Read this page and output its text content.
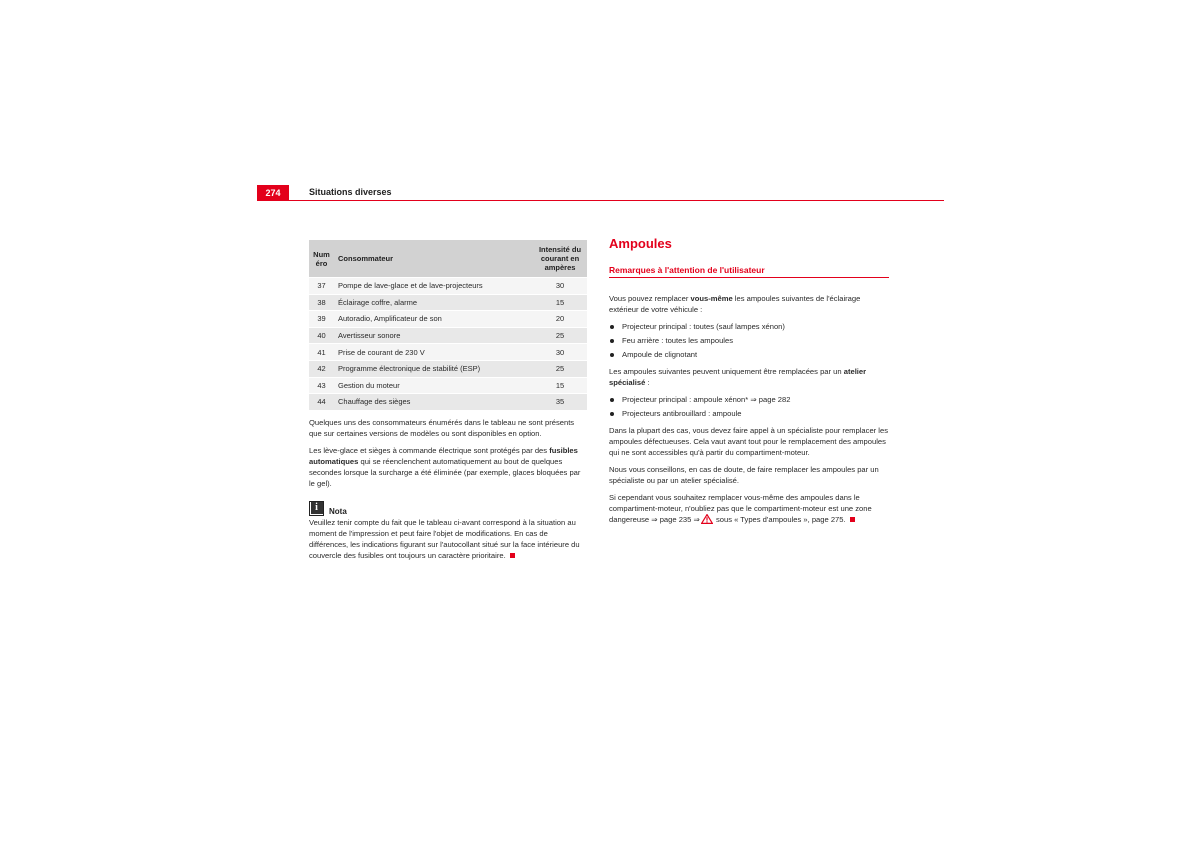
274	Situations diverses
Num éro	Consommateur	Intensité du courant en ampères
37	Pompe de lave-glace et de lave-projecteurs	30
38	Éclairage coffre, alarme	15
39	Autoradio, Amplificateur de son	20
40	Avertisseur sonore	25
41	Prise de courant de 230 V	30
42	Programme électronique de stabilité (ESP)	25
43	Gestion du moteur	15
44	Chauffage des sièges	35

Quelques uns des consommateurs énumérés dans le tableau ne sont présents que sur certaines versions de modèles ou sont disponibles en option.

Les lève-glace et sièges à commande électrique sont protégés par des fusibles automatiques qui se réenclenchent automatiquement au bout de quelques secondes lorsque la surcharge a été éliminée (par exemple, glaces bloquées par le gel).

i	Nota

Veuillez tenir compte du fait que le tableau ci-avant correspond à la situation au moment de l'impression et peut faire l'objet de modifications. En cas de différences, les indications figurant sur l'autocollant situé sur la face intérieure du couvercle des fusibles ont toujours un caractère prioritaire.

Ampoules
Remarques à l'attention de l'utilisateur

Vous pouvez remplacer vous-même les ampoules suivantes de l'éclairage extérieur de votre véhicule :

Projecteur principal : toutes (sauf lampes xénon)
Feu arrière : toutes les ampoules
Ampoule de clignotant

Les ampoules suivantes peuvent uniquement être remplacées par un atelier spécialisé :

Projecteur principal : ampoule xénon* ⇒ page 282
Projecteurs antibrouillard : ampoule

Dans la plupart des cas, vous devez faire appel à un spécialiste pour remplacer les ampoules défectueuses. Cela vaut avant tout pour le remplacement des ampoules qui ne sont accessibles qu'à partir du compartiment-moteur.

Nous vous conseillons, en cas de doute, de faire remplacer les ampoules par un spécialiste ou par un atelier spécialisé.

Si cependant vous souhaitez remplacer vous-même des ampoules dans le compartiment-moteur, n'oubliez pas que le compartiment-moteur est une zone dangereuse ⇒ page 235 ⇒ sous « Types d'ampoules », page 275.
